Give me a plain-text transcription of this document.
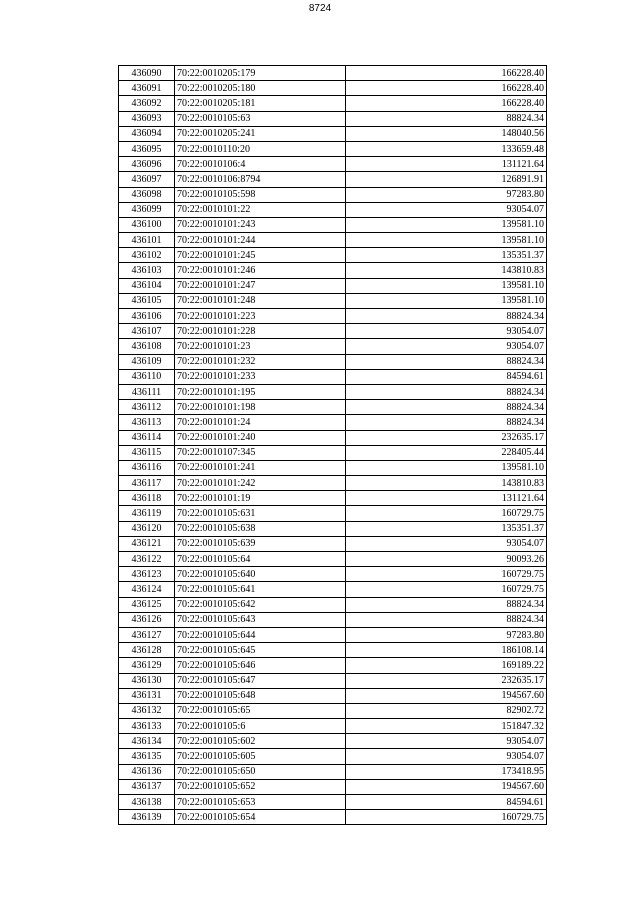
8724
436090	70:22:0010205:179	166228.40
436091	70:22:0010205:180	166228.40
436092	70:22:0010205:181	166228.40
436093	70:22:0010105:63	88824.34
436094	70:22:0010205:241	148040.56
436095	70:22:0010110:20	133659.48
436096	70:22:0010106:4	131121.64
436097	70:22:0010106:8794	126891.91
436098	70:22:0010105:598	97283.80
436099	70:22:0010101:22	93054.07
436100	70:22:0010101:243	139581.10
436101	70:22:0010101:244	139581.10
436102	70:22:0010101:245	135351.37
436103	70:22:0010101:246	143810.83
436104	70:22:0010101:247	139581.10
436105	70:22:0010101:248	139581.10
436106	70:22:0010101:223	88824.34
436107	70:22:0010101:228	93054.07
436108	70:22:0010101:23	93054.07
436109	70:22:0010101:232	88824.34
436110	70:22:0010101:233	84594.61
436111	70:22:0010101:195	88824.34
436112	70:22:0010101:198	88824.34
436113	70:22:0010101:24	88824.34
436114	70:22:0010101:240	232635.17
436115	70:22:0010107:345	228405.44
436116	70:22:0010101:241	139581.10
436117	70:22:0010101:242	143810.83
436118	70:22:0010101:19	131121.64
436119	70:22:0010105:631	160729.75
436120	70:22:0010105:638	135351.37
436121	70:22:0010105:639	93054.07
436122	70:22:0010105:64	90093.26
436123	70:22:0010105:640	160729.75
436124	70:22:0010105:641	160729.75
436125	70:22:0010105:642	88824.34
436126	70:22:0010105:643	88824.34
436127	70:22:0010105:644	97283.80
436128	70:22:0010105:645	186108.14
436129	70:22:0010105:646	169189.22
436130	70:22:0010105:647	232635.17
436131	70:22:0010105:648	194567.60
436132	70:22:0010105:65	82902.72
436133	70:22:0010105:6	151847.32
436134	70:22:0010105:602	93054.07
436135	70:22:0010105:605	93054.07
436136	70:22:0010105:650	173418.95
436137	70:22:0010105:652	194567.60
436138	70:22:0010105:653	84594.61
436139	70:22:0010105:654	160729.75
